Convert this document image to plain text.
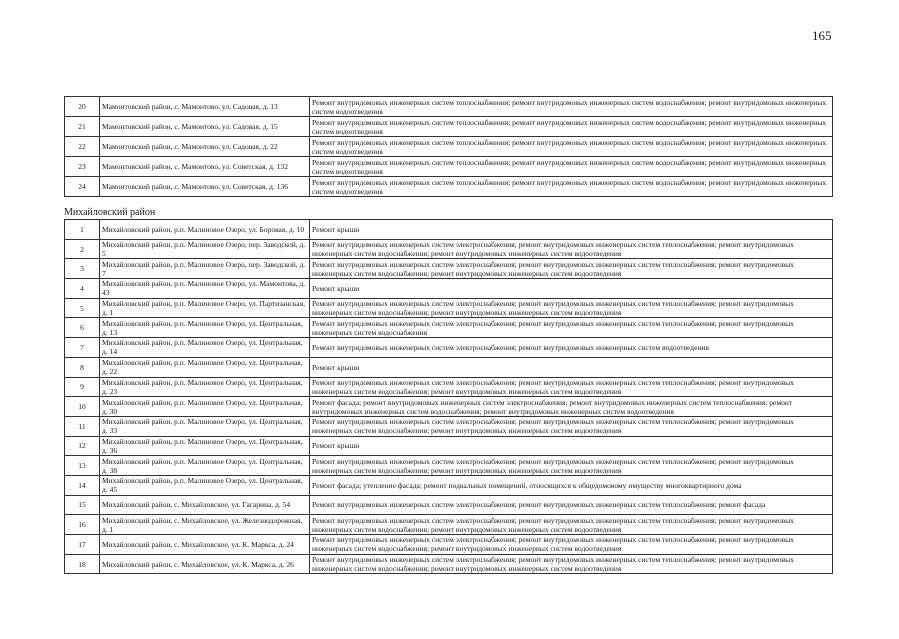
165
20	Мамонтовский район, с. Мамонтово, ул. Садовая, д. 13	Ремонт внутридомовых инженерных систем теплоснабжения; ремонт внутридомовых инженерных систем водоснабжения; ремонт внутридомовых инженерных систем водоотведения
21	Мамонтовский район, с. Мамонтово, ул. Садовая, д. 15	Ремонт внутридомовых инженерных систем теплоснабжения; ремонт внутридомовых инженерных систем водоснабжения; ремонт внутридомовых инженерных систем водоотведения
22	Мамонтовский район, с. Мамонтово, ул. Садовая, д. 22	Ремонт внутридомовых инженерных систем теплоснабжения; ремонт внутридомовых инженерных систем водоснабжения; ремонт внутридомовых инженерных систем водоотведения
23	Мамонтовский район, с. Мамонтово, ул. Советская, д. 132	Ремонт внутридомовых инженерных систем теплоснабжения; ремонт внутридомовых инженерных систем водоснабжения; ремонт внутридомовых инженерных систем водоотведения
24	Мамонтовский район, с. Мамонтово, ул. Советская, д. 136	Ремонт внутридомовых инженерных систем теплоснабжения; ремонт внутридомовых инженерных систем водоснабжения; ремонт внутридомовых инженерных систем водоотведения
Михайловский район
1	Михайловский район, р.п. Малиновое Озеро, ул. Боровая, д. 10	Ремонт крыши
2	Михайловский район, р.п. Малиновое Озеро, пер. Заводской, д. 5	Ремонт внутридомовых инженерных систем электроснабжения; ремонт внутридомовых инженерных систем теплоснабжения; ремонт внутридомовых инженерных систем водоснабжения; ремонт внутридомовых инженерных систем водоотведения
3	Михайловский район, р.п. Малиновое Озеро, пер. Заводской, д. 7	Ремонт внутридомовых инженерных систем электроснабжения; ремонт внутридомовых инженерных систем теплоснабжения; ремонт внутридомовых инженерных систем водоснабжения; ремонт внутридомовых инженерных систем водоотведения
4	Михайловский район, р.п. Малиновое Озеро, ул. Мамонтова, д. 43	Ремонт крыши
5	Михайловский район, р.п. Малиновое Озеро, ул. Партизанская, д. 1	Ремонт внутридомовых инженерных систем электроснабжения; ремонт внутридомовых инженерных систем теплоснабжения; ремонт внутридомовых инженерных систем водоснабжения; ремонт внутридомовых инженерных систем водоотведения
6	Михайловский район, р.п. Малиновое Озеро, ул. Центральная, д. 13	Ремонт внутридомовых инженерных систем электроснабжения; ремонт внутридомовых инженерных систем теплоснабжения; ремонт внутридомовых инженерных систем водоснабжения
7	Михайловский район, р.п. Малиновое Озеро, ул. Центральная, д. 14	Ремонт внутридомовых инженерных систем электроснабжения; ремонт внутридомовых инженерных систем водоотведения
8	Михайловский район, р.п. Малиновое Озеро, ул. Центральная, д. 22	Ремонт крыши
9	Михайловский район, р.п. Малиновое Озеро, ул. Центральная, д. 23	Ремонт внутридомовых инженерных систем электроснабжения; ремонт внутридомовых инженерных систем теплоснабжения; ремонт внутридомовых инженерных систем водоснабжения; ремонт внутридомовых инженерных систем водоотведения
10	Михайловский район, р.п. Малиновое Озеро, ул. Центральная, д. 30	Ремонт фасада; ремонт внутридомовых инженерных систем электроснабжения; ремонт внутридомовых инженерных систем теплоснабжения; ремонт внутридомовых инженерных систем водоснабжения; ремонт внутридомовых инженерных систем водоотведения
11	Михайловский район, р.п. Малиновое Озеро, ул. Центральная, д. 33	Ремонт внутридомовых инженерных систем электроснабжения; ремонт внутридомовых инженерных систем теплоснабжения; ремонт внутридомовых инженерных систем водоснабжения; ремонт внутридомовых инженерных систем водоотведения
12	Михайловский район, р.п. Малиновое Озеро, ул. Центральная, д. 36	Ремонт крыши
13	Михайловский район, р.п. Малиновое Озеро, ул. Центральная, д. 38	Ремонт внутридомовых инженерных систем электроснабжения; ремонт внутридомовых инженерных систем теплоснабжения; ремонт внутридомовых инженерных систем водоснабжения; ремонт внутридомовых инженерных систем водоотведения
14	Михайловский район, р.п. Малиновое Озеро, ул. Центральная, д. 45	Ремонт фасада; утепление фасада; ремонт подвальных помещений, относящихся к общедомовому имуществу многоквартирного дома
15	Михайловский район, с. Михайловское, ул. Гагарина, д. 54	Ремонт внутридомовых инженерных систем электроснабжения; ремонт внутридомовых инженерных систем теплоснабжения; ремонт фасада
16	Михайловский район, с. Михайловское, ул. Железнодорожная, д. 1	Ремонт внутридомовых инженерных систем электроснабжения; ремонт внутридомовых инженерных систем теплоснабжения; ремонт внутридомовых инженерных систем водоснабжения; ремонт внутридомовых инженерных систем водоотведения
17	Михайловский район, с. Михайловское, ул. К. Маркса, д. 24	Ремонт внутридомовых инженерных систем электроснабжения; ремонт внутридомовых инженерных систем теплоснабжения; ремонт внутридомовых инженерных систем водоснабжения; ремонт внутридомовых инженерных систем водоотведения
18	Михайловский район, с. Михайловское, ул. К. Маркса, д. 26	Ремонт внутридомовых инженерных систем электроснабжения; ремонт внутридомовых инженерных систем теплоснабжения; ремонт внутридомовых инженерных систем водоснабжения; ремонт внутридомовых инженерных систем водоотведения
